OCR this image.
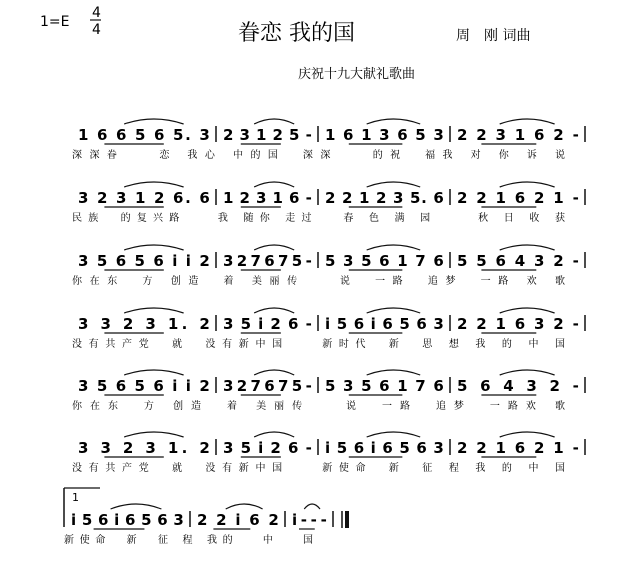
1=E
4
4	眷恋 我的国	周　刚 词曲
庆祝十九大献礼歌曲
1 6 6 5 6 5. 3 2 3 1 2 5 - 1 6 1 3 6 5 3 2 2 3 1 6 2 -
深深眷　　恋 我心 中的国　深深　　的祝　福我 对 你 诉 说
3 2 3 1 2 6. 6 1 2 3 1 6 - 2 2 1 2 3 5. 6 2 2 1 6 2 1 -
民族　的复兴路　　我 随你 走过　 春 色 满 园　　 秋 日 收 获
3 5 6 5 6 i i 2 3 2 7 6 7 5 - 5 3 5 6 1 7 6 5 5 6 4 3 2 -
你在东　方 创造　着 美丽传　　说　一路　追梦　一路 欢 歌
3 3 2 3 1. 2 3 5 i 2 6 - i 5 6 i 6 5 6 3 2 2 1 6 3 2 -
没有共产党　就　没有新中国　　新时代　新　思 想 我 的 中 国
3 5 6 5 6 i i 2 3 2 7 6 7 5 - 5 3 5 6 1 7 6 5 6 4 3 2 -
你在东　方 创造　着 美丽传　　说　一路　追梦　一路欢 歌
3 3 2 3 1. 2 3 5 i 2 6 - i 5 6 i 6 5 6 3 2 2 1 6 2 1 -
没有共产党　就　没有新中国　　新使命　新　征 程 我 的 中 国
1
i 5 6 i 6 5 6 3 2 2 i 6 2 i - - -
新使命　新　征 程 我的　 中　 国
